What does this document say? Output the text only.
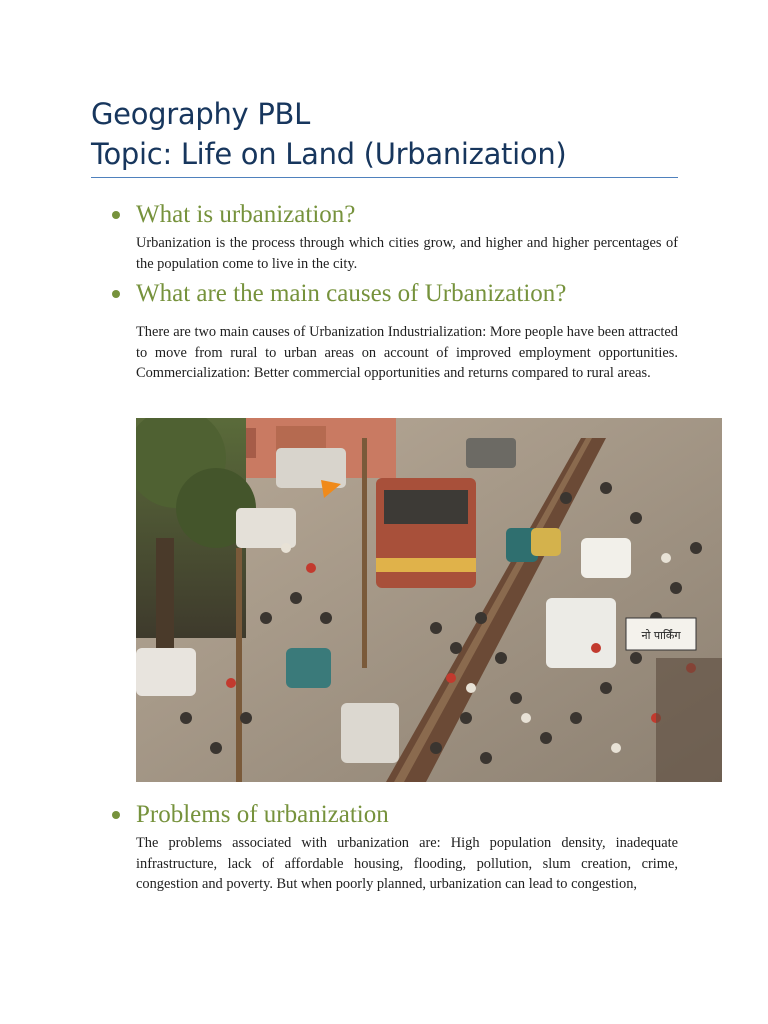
Geography PBL
Topic: Life on Land (Urbanization)
What is urbanization?
Urbanization is the process through which cities grow, and higher and higher percentages of the population come to live in the city.
What are the main causes of Urbanization?
There are two main causes of Urbanization Industrialization: More people have been attracted to move from rural to urban areas on account of improved employment opportunities. Commercialization: Better commercial opportunities and returns compared to rural areas.
नो पार्किंग
Problems of urbanization
The problems associated with urbanization are: High population density, inadequate infrastructure, lack of affordable housing, flooding, pollution, slum creation, crime, congestion and poverty. But when poorly planned, urbanization can lead to congestion,
